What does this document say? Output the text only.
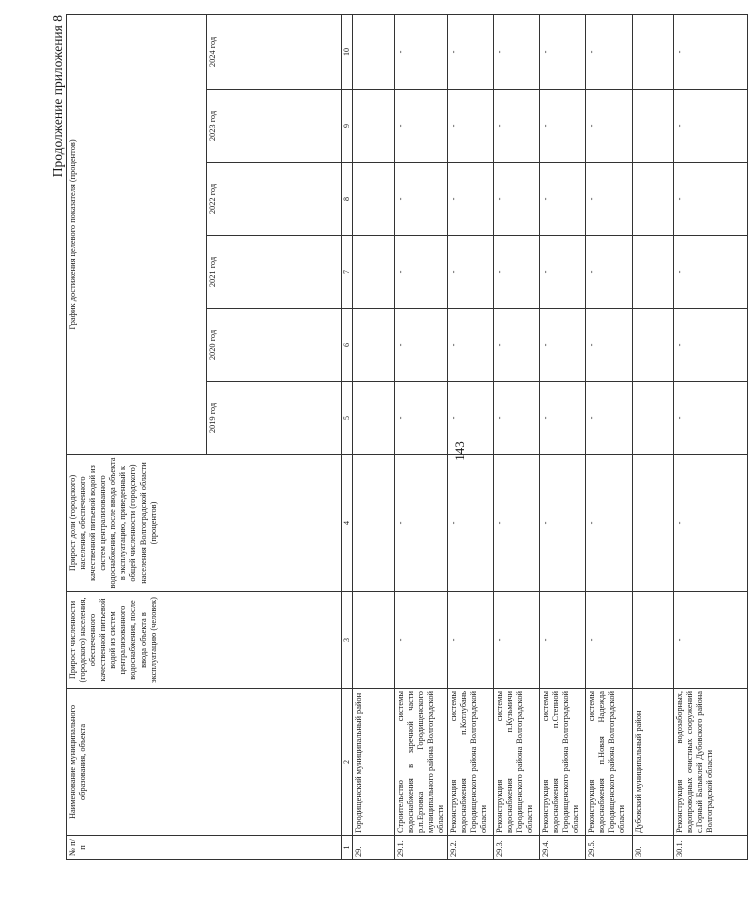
143
Продолжение приложения 8
№ п/п	Наименование муниципального образования, объекта	Прирост численности (городского) населения, обеспеченного качественной питьевой водой из систем централизованного водоснабжения, после ввода объекта в эксплуатацию (человек)	Прирост доли (городского) населения, обеспеченного качественной питьевой водой из систем централизованного водоснабжения, после ввода объекта в эксплуатацию, приведенный к общей численности (городского) населения Волгоградской области (процентов)	График достижения целевого показателя (процентов)					
				2019 год	2020 год	2021 год	2022 год	2023 год	2024 год
1	2	3	4	5	6	7	8	9	10
29.	Городищенский муниципальный район								
29.1.	Строительство системы водоснабжения в заречной части р.п.Ерзовка Городищенского муниципального района Волгоградской области	-	-	-	-	-	-	-	-
29.2.	Реконструкция системы водоснабжения п.Котлубань Городищенского района Волгоградской области	-	-	-	-	-	-	-	-
29.3.	Реконструкция системы водоснабжения п.Кузьмичи Городищенского района Волгоградской области	-	-	-	-	-	-	-	-
29.4.	Реконструкция системы водоснабжения п.Степной Городищенского района Волгоградской области	-	-	-	-	-	-	-	-
29.5.	Реконструкция системы водоснабжения п.Новая Надежда Городищенского района Волгоградской области	-	-	-	-	-	-	-	-
30.	Дубовский муниципальный район								
30.1.	Реконструкция водозаборных, водопроводных очистных сооружений с.Горный Балыклей Дубовского района Волгоградской области	-	-	-	-	-	-	-	-
